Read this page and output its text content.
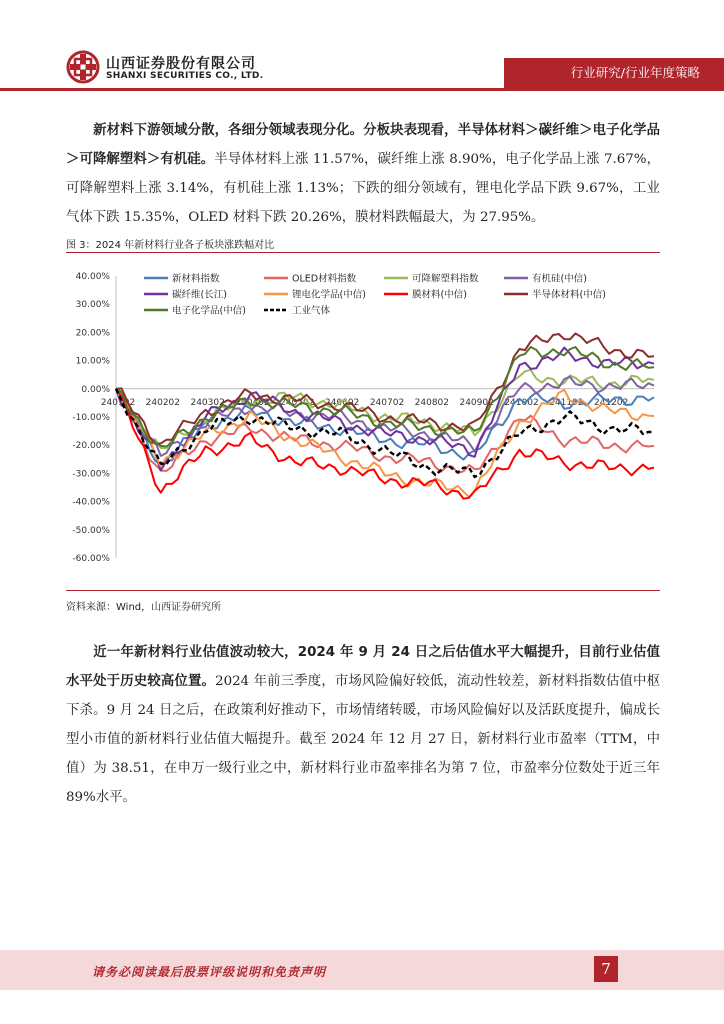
山西证券股份有限公司
SHANXI SECURITIES CO., LTD.	行业研究/行业年度策略

新材料下游领域分散，各细分领域表现分化。分板块表现看，半导体材料＞碳纤维＞电子化学品＞可降解塑料＞有机硅。半导体材料上涨 11.57%，碳纤维上涨 8.90%，电子化学品上涨 7.67%，可降解塑料上涨 3.14%，有机硅上涨 1.13%；下跌的细分领域有，锂电化学品下跌 9.67%，工业气体下跌 15.35%，OLED 材料下跌 20.26%，膜材料跌幅最大，为 27.95%。

图 3：2024 年新材料行业各子板块涨跌幅对比
40.00%
30.00%
20.00%
10.00%
0.00%
-10.00%
-20.00%
-30.00%
-40.00%
-50.00%
-60.00%
240102 240202 240302 240402 240502 240602 240702 240802 240902 241002 241102 241202
新材料指数	OLED材料指数	可降解塑料指数	有机硅(中信)
碳纤维(长江)	锂电化学品(中信)	膜材料(中信)	半导体材料(中信)
电子化学品(中信)	工业气体
资料来源：Wind，山西证券研究所

近一年新材料行业估值波动较大，2024 年 9 月 24 日之后估值水平大幅提升，目前行业估值水平处于历史较高位置。2024 年前三季度，市场风险偏好较低，流动性较差，新材料指数估值中枢下杀。9 月 24 日之后，在政策利好推动下，市场情绪转暖，市场风险偏好以及活跃度提升，偏成长型小市值的新材料行业估值大幅提升。截至 2024 年 12 月 27 日，新材料行业市盈率（TTM，中值）为 38.51，在申万一级行业之中，新材料行业市盈率排名为第 7 位，市盈率分位数处于近三年 89%水平。

请务必阅读最后股票评级说明和免责声明	7
